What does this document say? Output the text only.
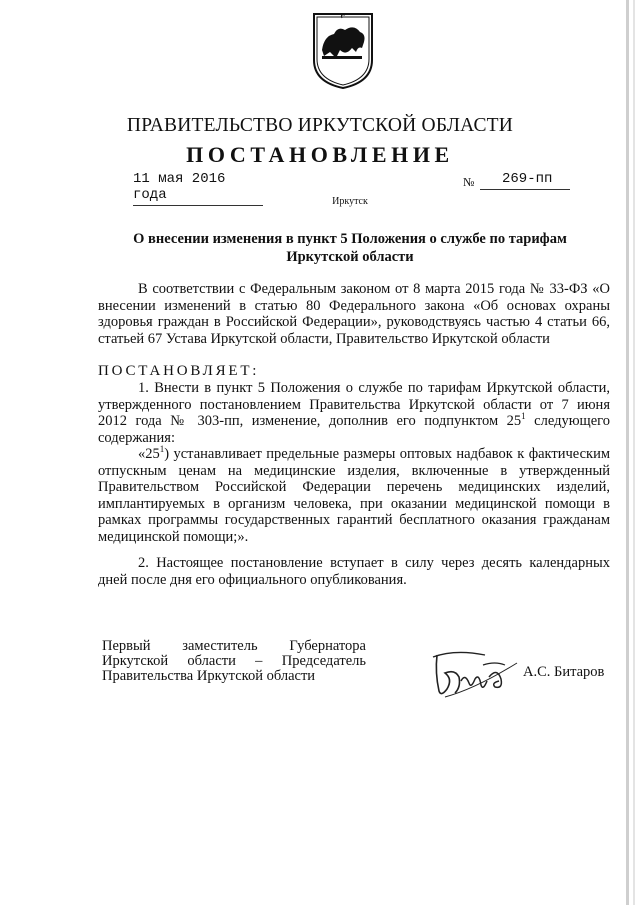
ПРАВИТЕЛЬСТВО ИРКУТСКОЙ ОБЛАСТИ
ПОСТАНОВЛЕНИЕ
11 мая 2016 года
№	269-пп
Иркутск
О внесении изменения в пункт 5 Положения о службе по тарифам Иркутской области
В соответствии с Федеральным законом от 8 марта 2015 года № 33-ФЗ «О внесении изменений в статью 80 Федерального закона «Об основах охраны здоровья граждан в Российской Федерации», руководствуясь частью 4 статьи 66, статьей 67 Устава Иркутской области, Правительство Иркутской области
ПОСТАНОВЛЯЕТ:
1. Внести в пункт 5 Положения о службе по тарифам Иркутской области, утвержденного постановлением Правительства Иркутской области от 7 июня 2012 года № 303-пп, изменение, дополнив его подпунктом $25^1$ следующего содержания:
«$25^1$) устанавливает предельные размеры оптовых надбавок к фактическим отпускным ценам на медицинские изделия, включенные в утвержденный Правительством Российской Федерации перечень медицинских изделий, имплантируемых в организм человека, при оказании медицинской помощи в рамках программы государственных гарантий бесплатного оказания гражданам медицинской помощи;».
2. Настоящее постановление вступает в силу через десять календарных дней после дня его официального опубликования.
Первый заместитель Губернатора
Иркутской области – Председатель
Правительства Иркутской области	А.С. Битаров
